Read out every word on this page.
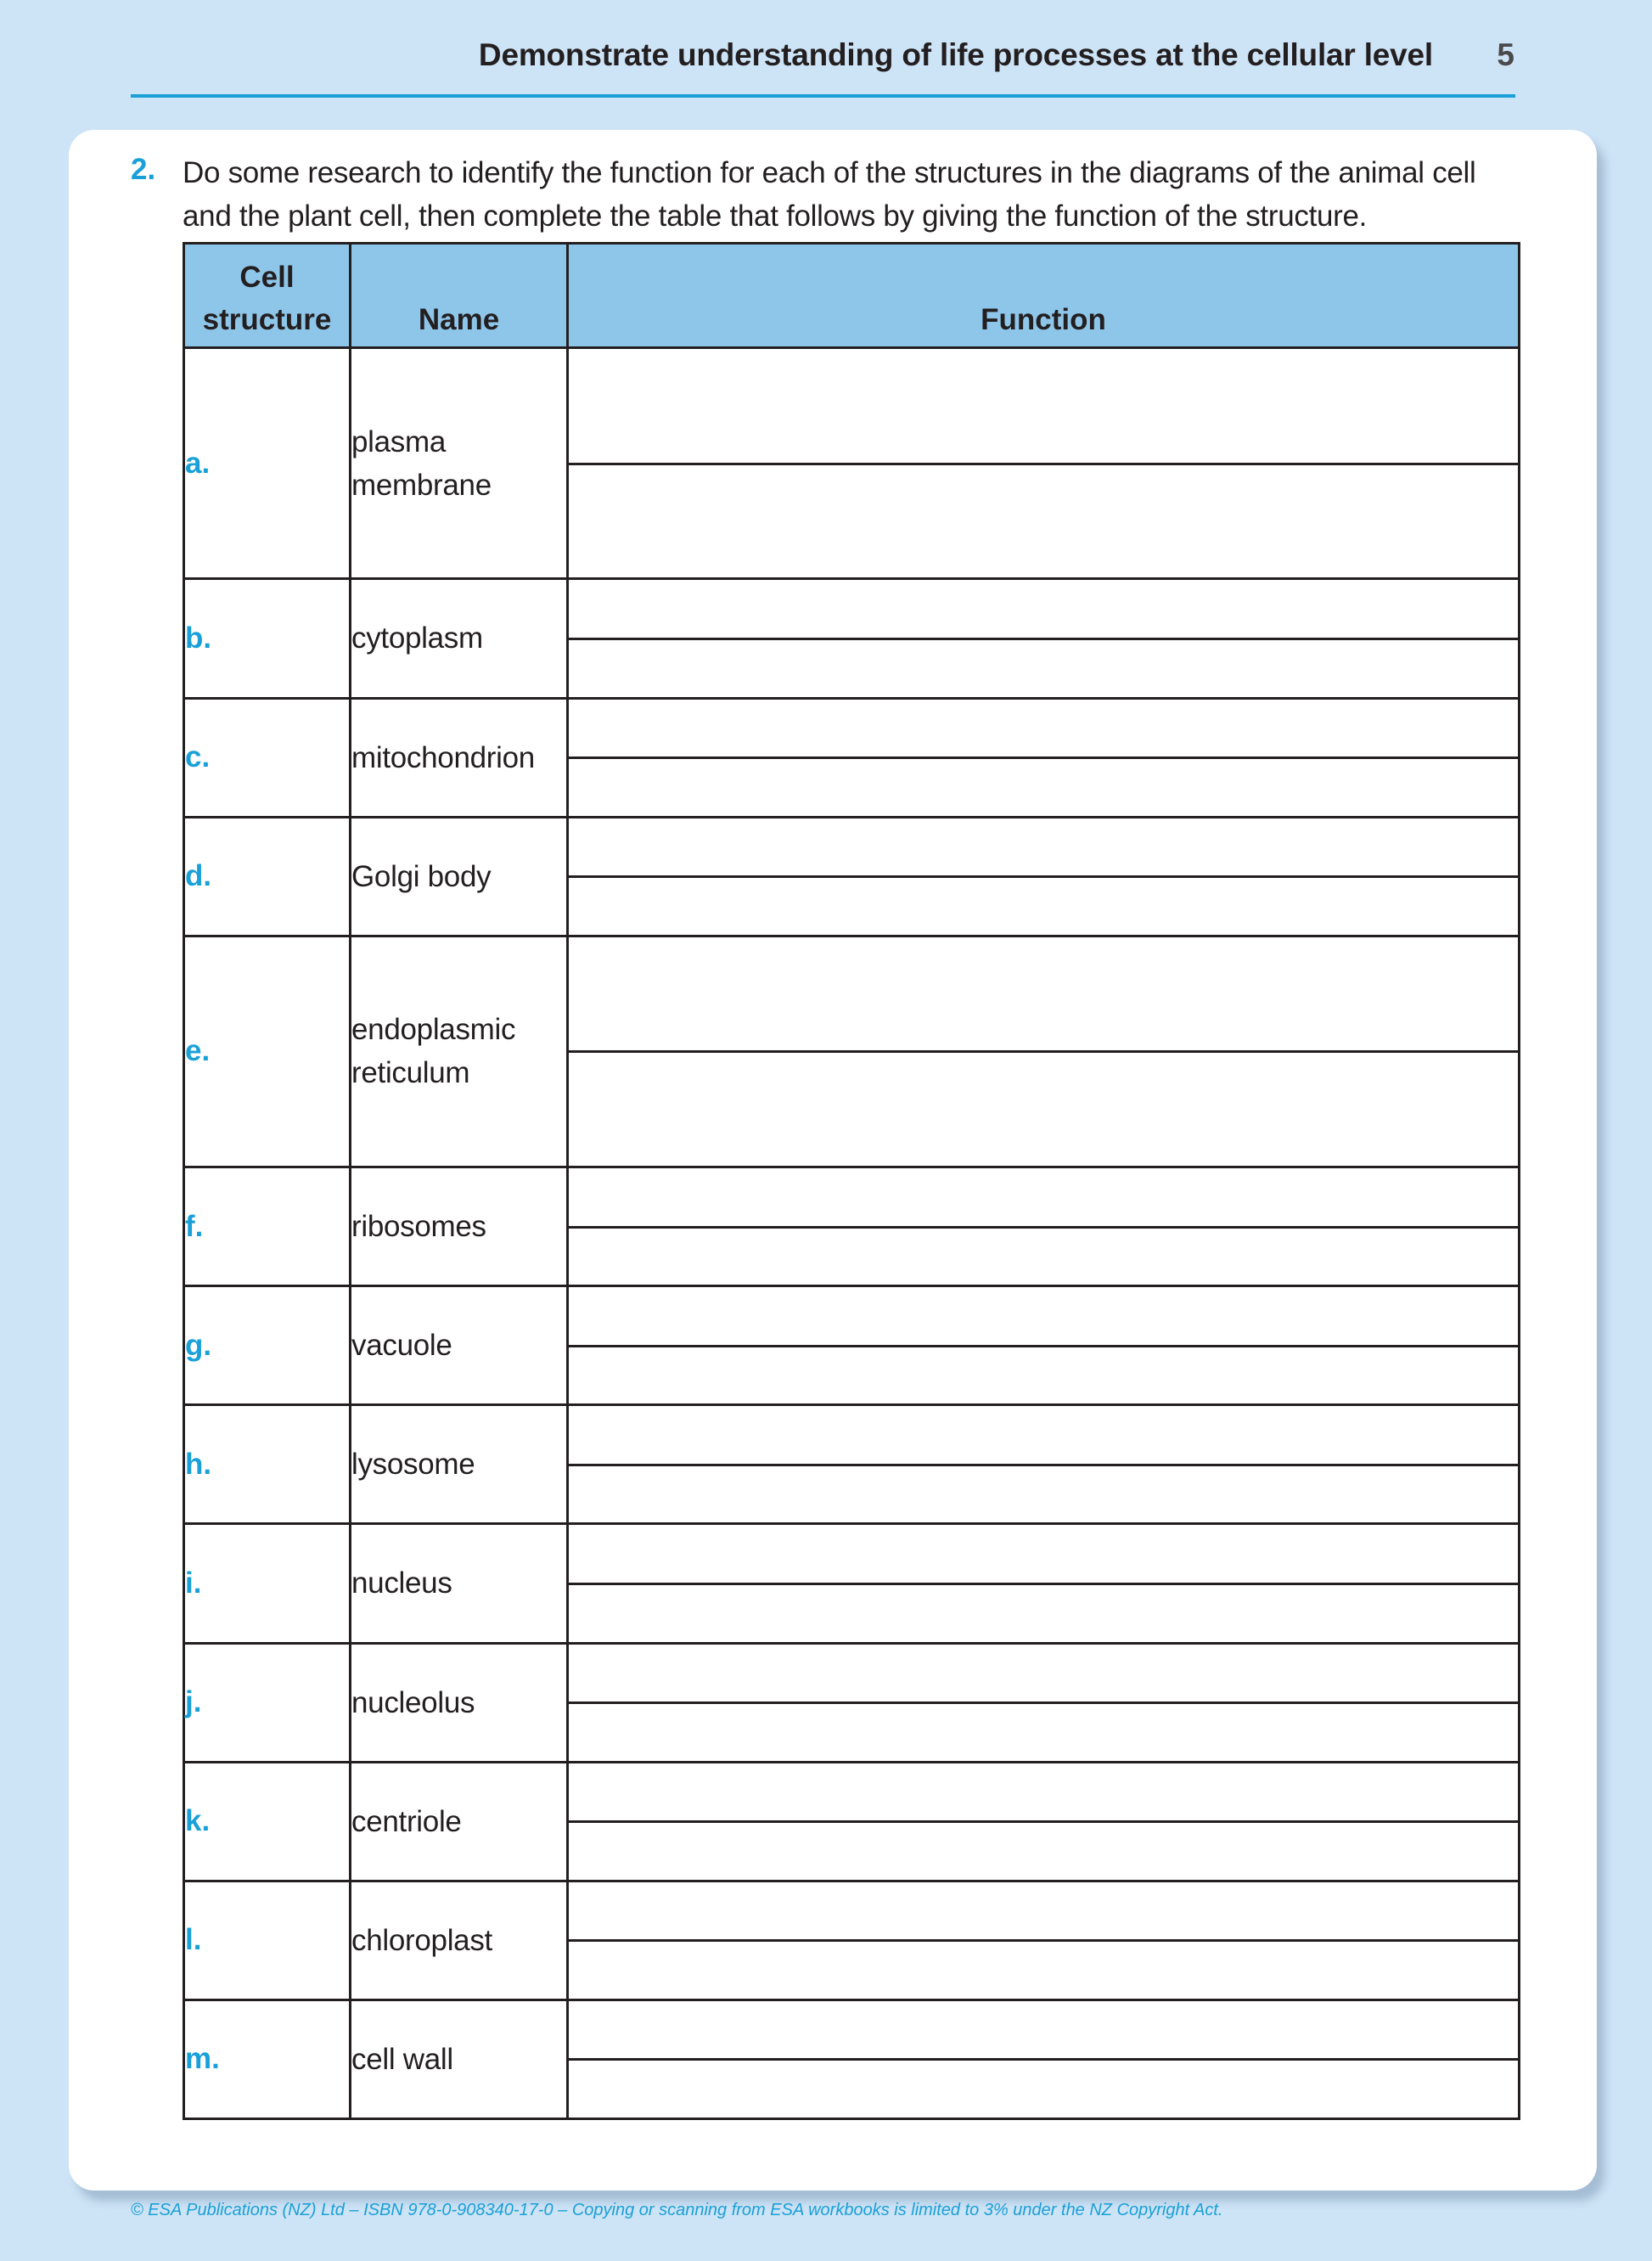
Demonstrate understanding of life processes at the cellular level 5
2. Do some research to identify the function for each of the structures in the diagrams of the animal cell and the plant cell, then complete the table that follows by giving the function of the structure.
Cell structure	Name	Function
a.	plasma membrane	

b.	cytoplasm	

c.	mitochondrion	

d.	Golgi body	

e.	endoplasmic reticulum	

f.	ribosomes	

g.	vacuole	

h.	lysosome	

i.	nucleus	

j.	nucleolus	

k.	centriole	

l.	chloroplast	

m.	cell wall	
© ESA Publications (NZ) Ltd – ISBN 978-0-908340-17-0 – Copying or scanning from ESA workbooks is limited to 3% under the NZ Copyright Act.
